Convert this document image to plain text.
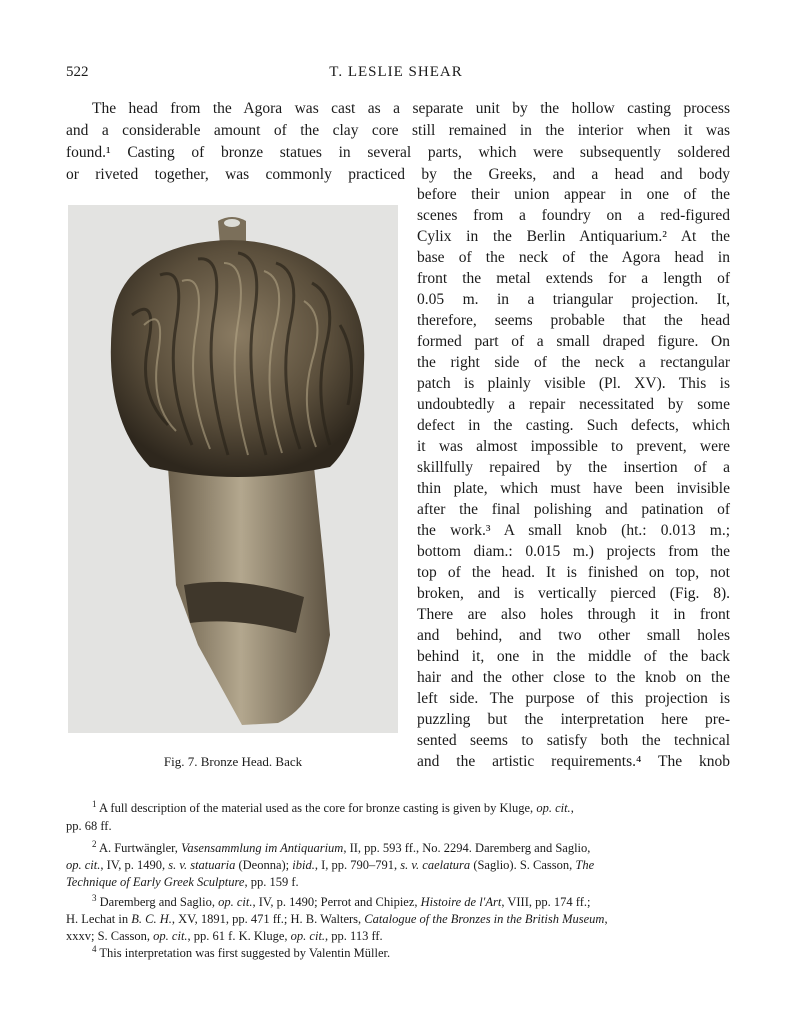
522	T. LESLIE SHEAR
The head from the Agora was cast as a separate unit by the hollow casting process
and a considerable amount of the clay core still remained in the interior when it was
found.¹ Casting of bronze statues in several parts, which were subsequently soldered
or riveted together, was commonly practiced by the Greeks, and a head and body
Fig. 7. Bronze Head. Back
before their union appear in one of the
scenes from a foundry on a red-figured
Cylix in the Berlin Antiquarium.² At the
base of the neck of the Agora head in
front the metal extends for a length of
0.05 m. in a triangular projection. It,
therefore, seems probable that the head
formed part of a small draped figure. On
the right side of the neck a rectangular
patch is plainly visible (Pl. XV). This is
undoubtedly a repair necessitated by some
defect in the casting. Such defects, which
it was almost impossible to prevent, were
skillfully repaired by the insertion of a
thin plate, which must have been invisible
after the final polishing and patination of
the work.³ A small knob (ht.: 0.013 m.;
bottom diam.: 0.015 m.) projects from the
top of the head. It is finished on top, not
broken, and is vertically pierced (Fig. 8).
There are also holes through it in front
and behind, and two other small holes
behind it, one in the middle of the back
hair and the other close to the knob on the
left side. The purpose of this projection is
puzzling but the interpretation here pre-
sented seems to satisfy both the technical
and the artistic requirements.⁴ The knob
$^1$ A full description of the material used as the core for bronze casting is given by Kluge, op. cit.,
pp. 68 ff.
$^2$ A. Furtwängler, Vasensammlung im Antiquarium, II, pp. 593 ff., No. 2294. Daremberg and Saglio,
op. cit., IV, p. 1490, s. v. statuaria (Deonna); ibid., I, pp. 790–791, s. v. caelatura (Saglio). S. Casson, The
Technique of Early Greek Sculpture, pp. 159 f.
$^3$ Daremberg and Saglio, op. cit., IV, p. 1490; Perrot and Chipiez, Histoire de l'Art, VIII, pp. 174 ff.;
H. Lechat in B. C. H., XV, 1891, pp. 471 ff.; H. B. Walters, Catalogue of the Bronzes in the British Museum,
xxxv; S. Casson, op. cit., pp. 61 f. K. Kluge, op. cit., pp. 113 ff.
$^4$ This interpretation was first suggested by Valentin Müller.
